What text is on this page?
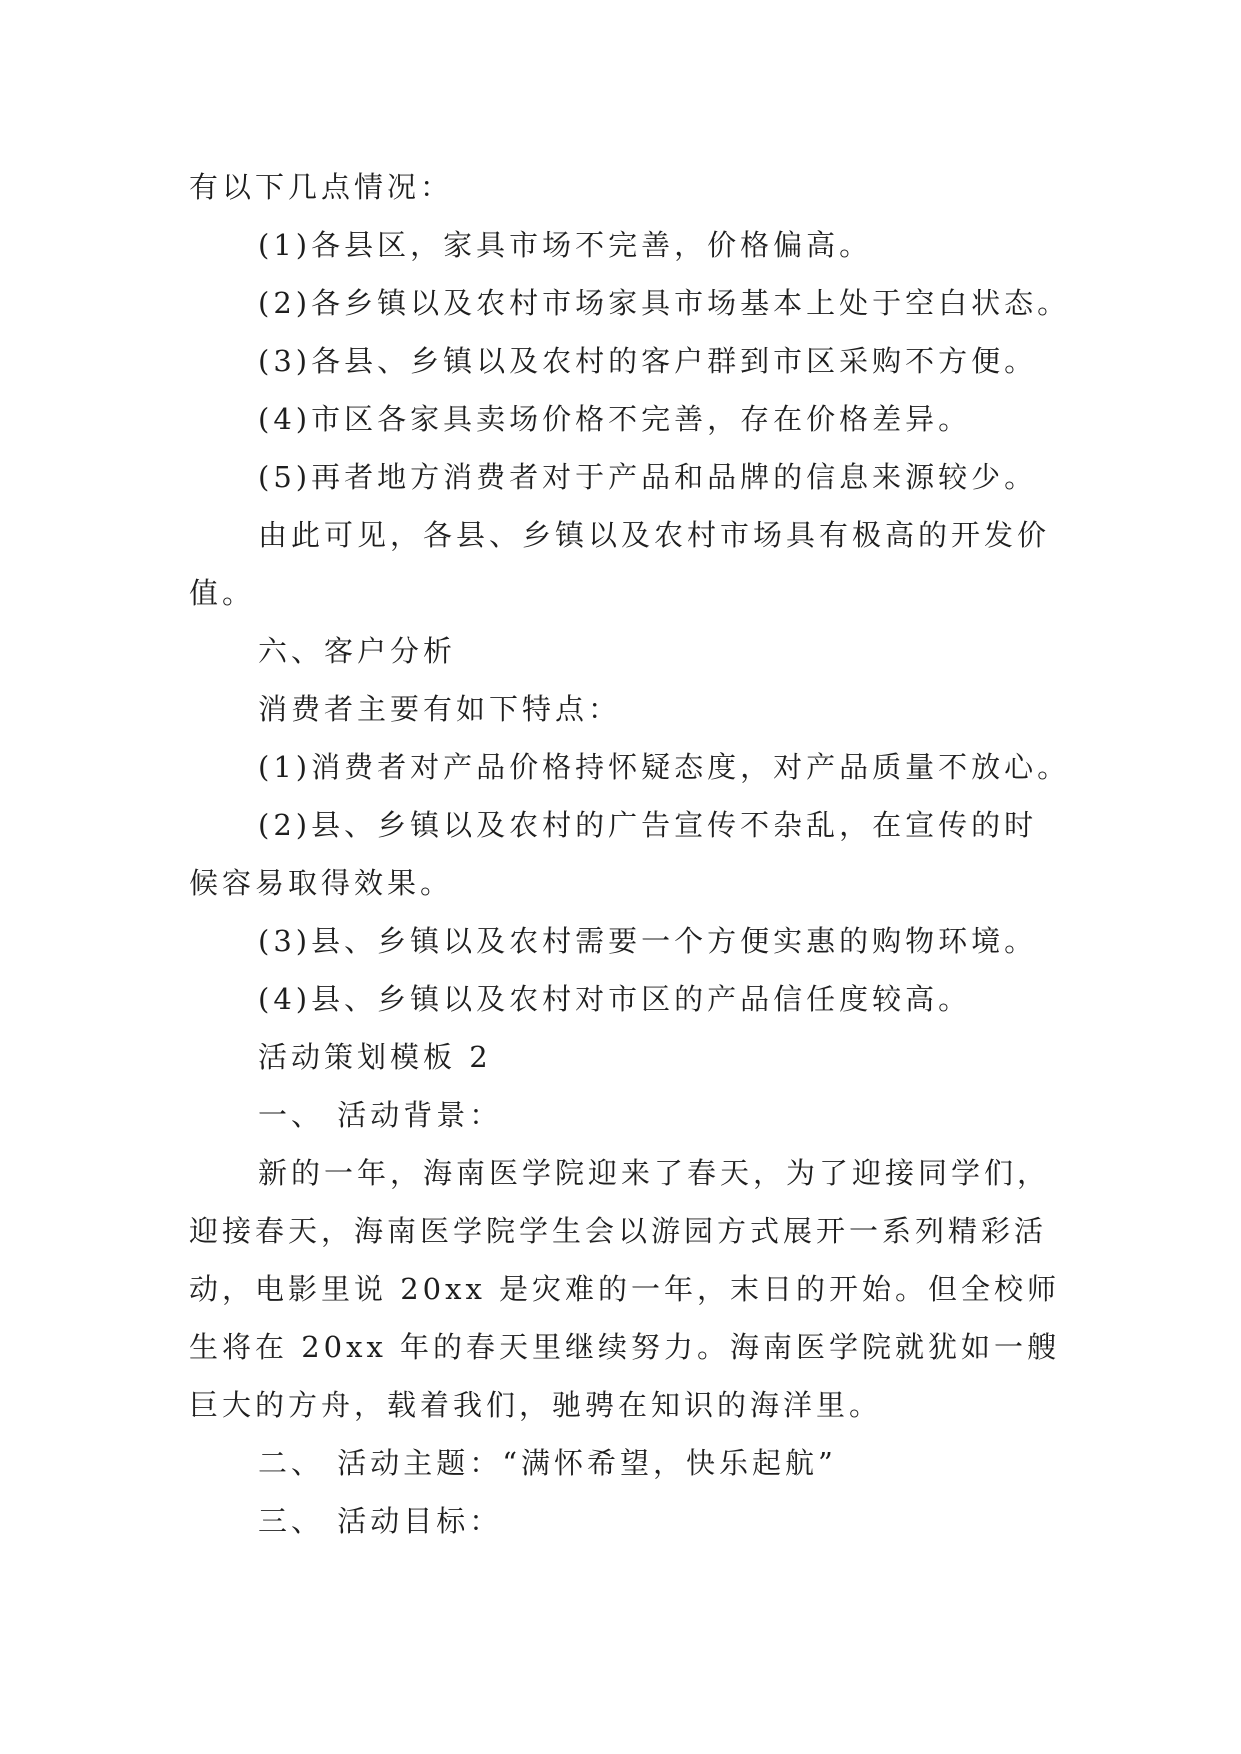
有以下几点情况：
(1)各县区，家具市场不完善，价格偏高。
(2)各乡镇以及农村市场家具市场基本上处于空白状态。
(3)各县、乡镇以及农村的客户群到市区采购不方便。
(4)市区各家具卖场价格不完善，存在价格差异。
(5)再者地方消费者对于产品和品牌的信息来源较少。
由此可见，各县、乡镇以及农村市场具有极高的开发价
值。
六、客户分析
消费者主要有如下特点：
(1)消费者对产品价格持怀疑态度，对产品质量不放心。
(2)县、乡镇以及农村的广告宣传不杂乱，在宣传的时
候容易取得效果。
(3)县、乡镇以及农村需要一个方便实惠的购物环境。
(4)县、乡镇以及农村对市区的产品信任度较高。
活动策划模板 2
一、 活动背景：
新的一年，海南医学院迎来了春天，为了迎接同学们，
迎接春天，海南医学院学生会以游园方式展开一系列精彩活
动，电影里说 20xx 是灾难的一年，末日的开始。但全校师
生将在 20xx 年的春天里继续努力。海南医学院就犹如一艘
巨大的方舟，载着我们，驰骋在知识的海洋里。
二、 活动主题：“满怀希望，快乐起航”
三、 活动目标：
